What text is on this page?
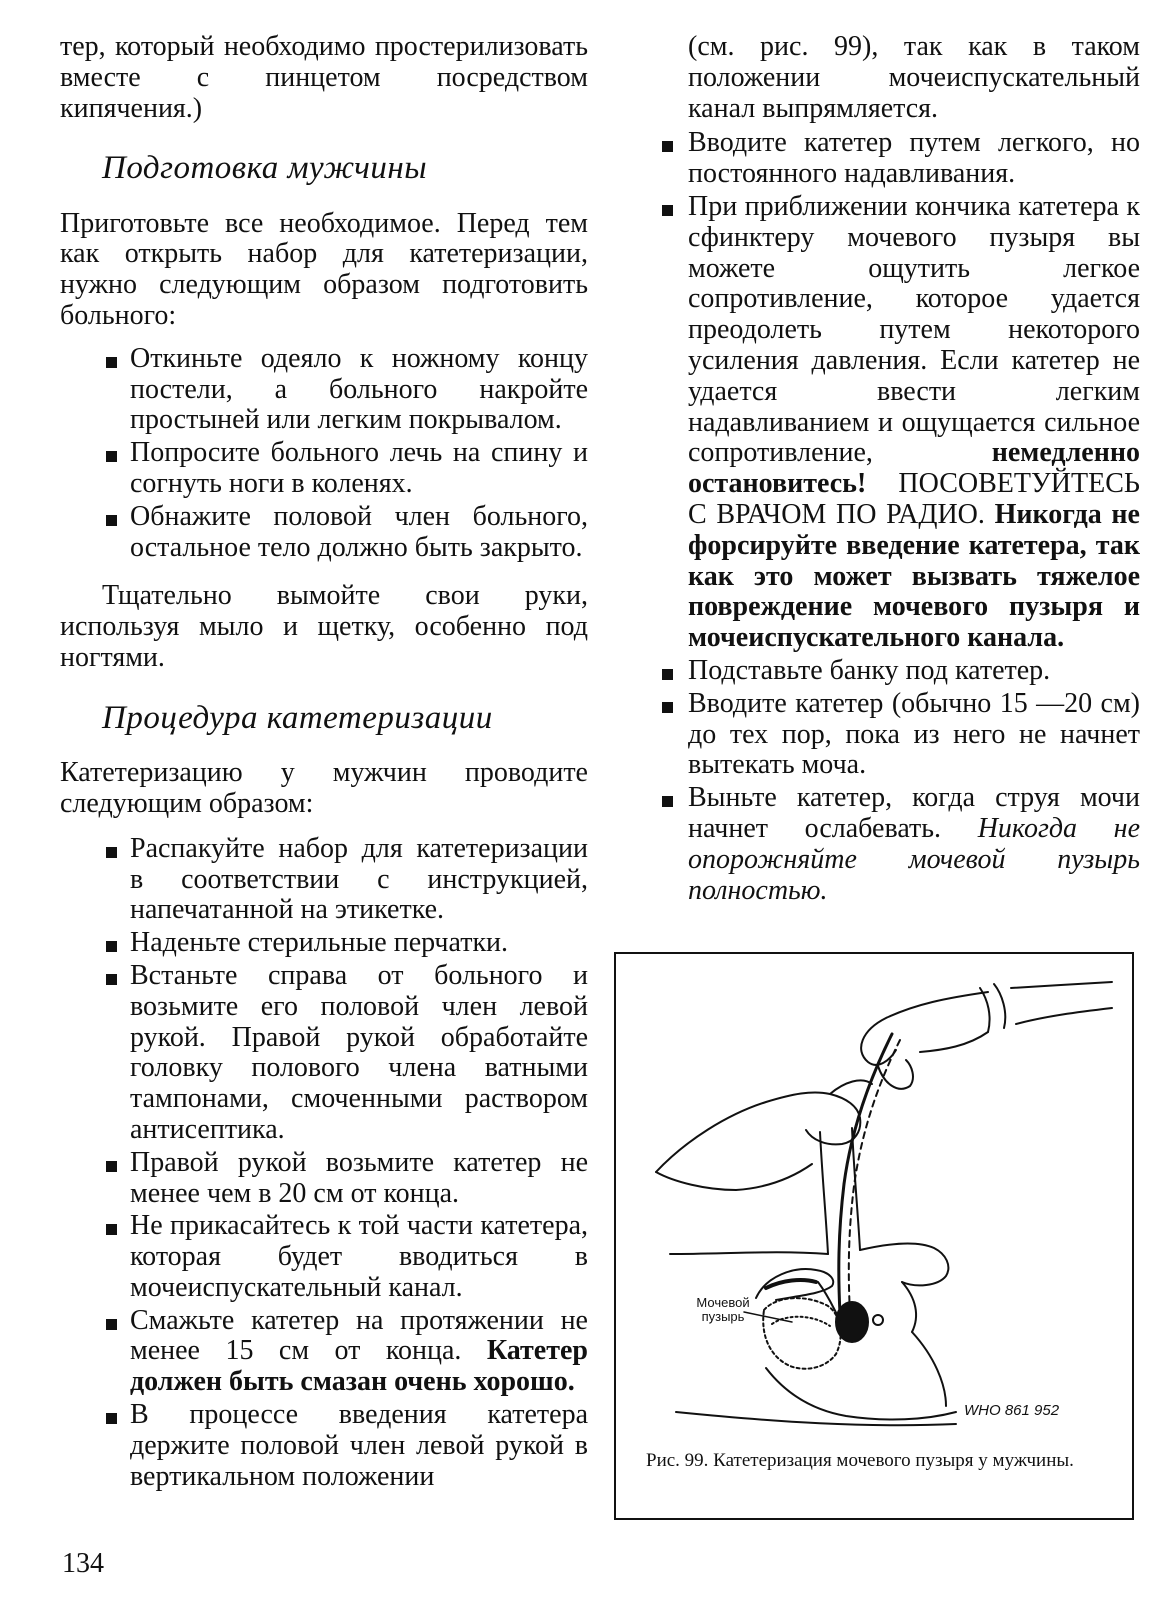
тер, который необходимо простерилизовать вместе с пинцетом посредством кипячения.)

Подготовка мужчины

Приготовьте все необходимое. Перед тем как открыть набор для катетеризации, нужно следующим образом подготовить больного:

Откиньте одеяло к ножному концу постели, а больного накройте простыней или легким покрывалом.
Попросите больного лечь на спину и согнуть ноги в коленях.
Обнажите половой член больного, остальное тело должно быть закрыто.

Тщательно вымойте свои руки, используя мыло и щетку, особенно под ногтями.

Процедура катетеризации

Катетеризацию у мужчин проводите следующим образом:

Распакуйте набор для катетеризации в соответствии с инструкцией, напечатанной на этикетке.
Наденьте стерильные перчатки.
Встаньте справа от больного и возьмите его половой член левой рукой. Правой рукой обработайте головку полового члена ватными тампонами, смоченными раствором антисептика.
Правой рукой возьмите катетер не менее чем в 20 см от конца.
Не прикасайтесь к той части катетера, которая будет вводиться в мочеиспускательный канал.
Смажьте катетер на протяжении не менее 15 см от конца. Катетер должен быть смазан очень хорошо.
В процессе введения катетера держите половой член левой рукой в вертикальном положении

(см. рис. 99), так как в таком положении мочеиспускательный канал выпрямляется.

Вводите катетер путем легкого, но постоянного надавливания.
При приближении кончика катетера к сфинктеру мочевого пузыря вы можете ощутить легкое сопротивление, которое удается преодолеть путем некоторого усиления давления. Если катетер не удается ввести легким надавливанием и ощущается сильное сопротивление,	немедленно остановитесь! ПОСОВЕТУЙТЕСЬ С ВРАЧОМ ПО РАДИО. Никогда не форсируйте введение катетера, так как это может вызвать тяжелое повреждение мочевого пузыря и мочеиспускательного канала.
Подставьте банку под катетер.
Вводите катетер (обычно 15 —20 см) до тех пор, пока из него не начнет вытекать моча.
Выньте катетер, когда струя мочи начнет ослабевать. Никогда не опорожняйте мочевой пузырь полностью.
Мочевой пузырь
WHO 861 952
Рис. 99. Катетеризация мочевого пузыря у мужчины.
134
